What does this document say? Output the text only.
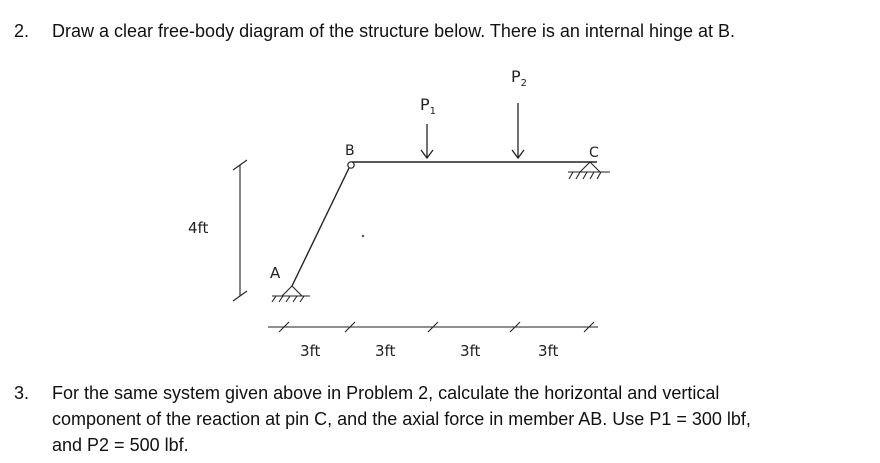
2. Draw a clear free-body diagram of the structure below. There is an internal hinge at B.
A
B	C
$P_1$
$P_2$
4ft
3ft	3ft	3ft	3ft
3. For the same system given above in Problem 2, calculate the horizontal and vertical
component of the reaction at pin C, and the axial force in member AB. Use P1 = 300 lbf,
and P2 = 500 lbf.
